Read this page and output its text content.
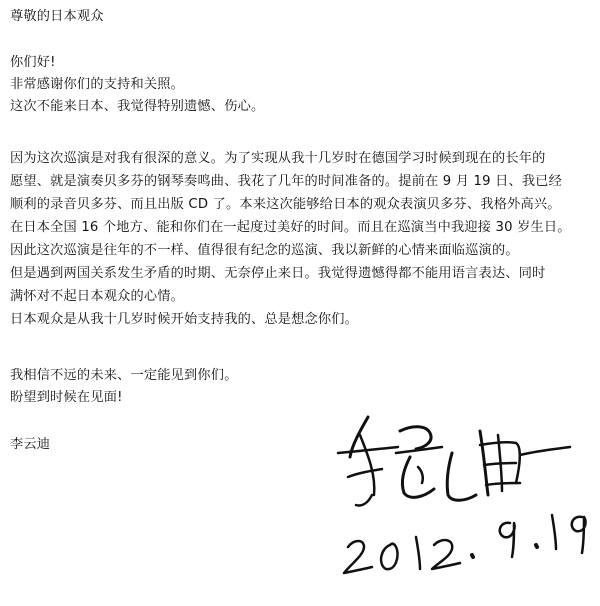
尊敬的日本观众
你们好!
非常感谢你们的支持和关照。
这次不能来日本、我觉得特别遗憾、伤心。
因为这次巡演是对我有很深的意义。为了实现从我十几岁时在德国学习时候到现在的长年的
愿望、就是演奏贝多芬的钢琴奏鸣曲、我花了几年的时间准备的。提前在 9 月 19 日、我已经
顺利的录音贝多芬、而且出版 CD 了。本来这次能够给日本的观众表演贝多芬、我格外高兴。
在日本全国 16 个地方、能和你们在一起度过美好的时间。而且在巡演当中我迎接 30 岁生日。
因此这次巡演是往年的不一样、值得很有纪念的巡演、我以新鲜的心情来面临巡演的。
但是遇到两国关系发生矛盾的时期、无奈停止来日。我觉得遗憾得都不能用语言表达、同时
满怀对不起日本观众的心情。
日本观众是从我十几岁时候开始支持我的、总是想念你们。
我相信不远的未来、一定能见到你们。
盼望到时候在见面!
李云迪
